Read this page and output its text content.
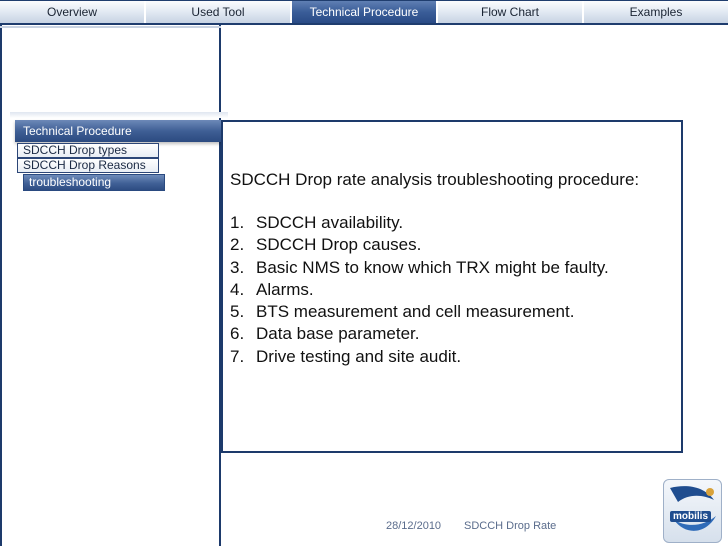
Overview	Used Tool	Technical Procedure	Flow Chart	Examples
Technical Procedure
SDCCH Drop types
SDCCH Drop Reasons
troubleshooting	SDCCH Drop rate analysis troubleshooting procedure:
1. SDCCH availability.
2. SDCCH Drop causes.
3. Basic NMS to know which TRX might be faulty.
4. Alarms.
5. BTS measurement and cell measurement.
6. Data base parameter.
7. Drive testing and site audit.
28/12/2010 SDCCH Drop Rate
mobilis
